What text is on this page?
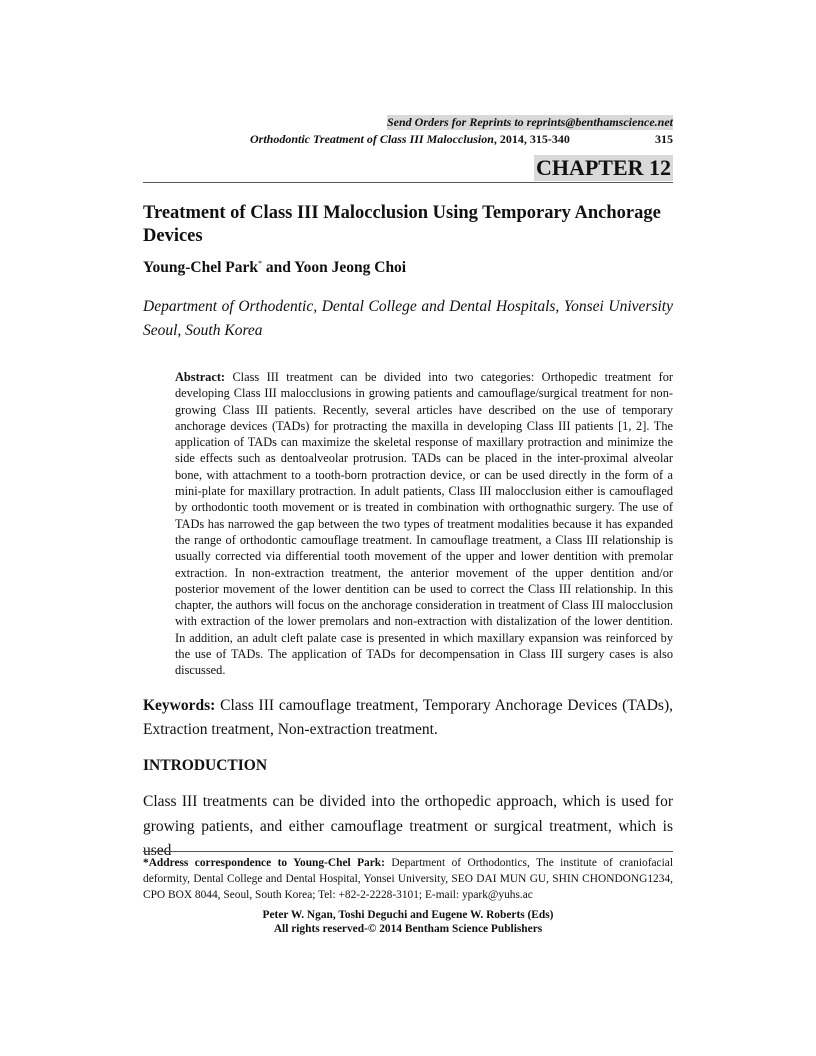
Send Orders for Reprints to reprints@benthamscience.net
Orthodontic Treatment of Class III Malocclusion, 2014, 315-340	315
CHAPTER 12
Treatment of Class III Malocclusion Using Temporary Anchorage Devices
Young-Chel Park* and Yoon Jeong Choi
Department of Orthodentic, Dental College and Dental Hospitals, Yonsei University Seoul, South Korea
Abstract: Class III treatment can be divided into two categories: Orthopedic treatment for developing Class III malocclusions in growing patients and camouflage/surgical treatment for non-growing Class III patients. Recently, several articles have described on the use of temporary anchorage devices (TADs) for protracting the maxilla in developing Class III patients [1, 2]. The application of TADs can maximize the skeletal response of maxillary protraction and minimize the side effects such as dentoalveolar protrusion. TADs can be placed in the inter-proximal alveolar bone, with attachment to a tooth-born protraction device, or can be used directly in the form of a mini-plate for maxillary protraction. In adult patients, Class III malocclusion either is camouflaged by orthodontic tooth movement or is treated in combination with orthognathic surgery. The use of TADs has narrowed the gap between the two types of treatment modalities because it has expanded the range of orthodontic camouflage treatment. In camouflage treatment, a Class III relationship is usually corrected via differential tooth movement of the upper and lower dentition with premolar extraction. In non-extraction treatment, the anterior movement of the upper dentition and/or posterior movement of the lower dentition can be used to correct the Class III relationship. In this chapter, the authors will focus on the anchorage consideration in treatment of Class III malocclusion with extraction of the lower premolars and non-extraction with distalization of the lower dentition. In addition, an adult cleft palate case is presented in which maxillary expansion was reinforced by the use of TADs. The application of TADs for decompensation in Class III surgery cases is also discussed.
Keywords: Class III camouflage treatment, Temporary Anchorage Devices (TADs), Extraction treatment, Non-extraction treatment.
INTRODUCTION
Class III treatments can be divided into the orthopedic approach, which is used for growing patients, and either camouflage treatment or surgical treatment, which is used
*Address correspondence to Young-Chel Park: Department of Orthodontics, The institute of craniofacial deformity, Dental College and Dental Hospital, Yonsei University, SEO DAI MUN GU, SHIN CHONDONG1234, CPO BOX 8044, Seoul, South Korea; Tel: +82-2-2228-3101; E-mail: ypark@yuhs.ac
Peter W. Ngan, Toshi Deguchi and Eugene W. Roberts (Eds)
All rights reserved-© 2014 Bentham Science Publishers
